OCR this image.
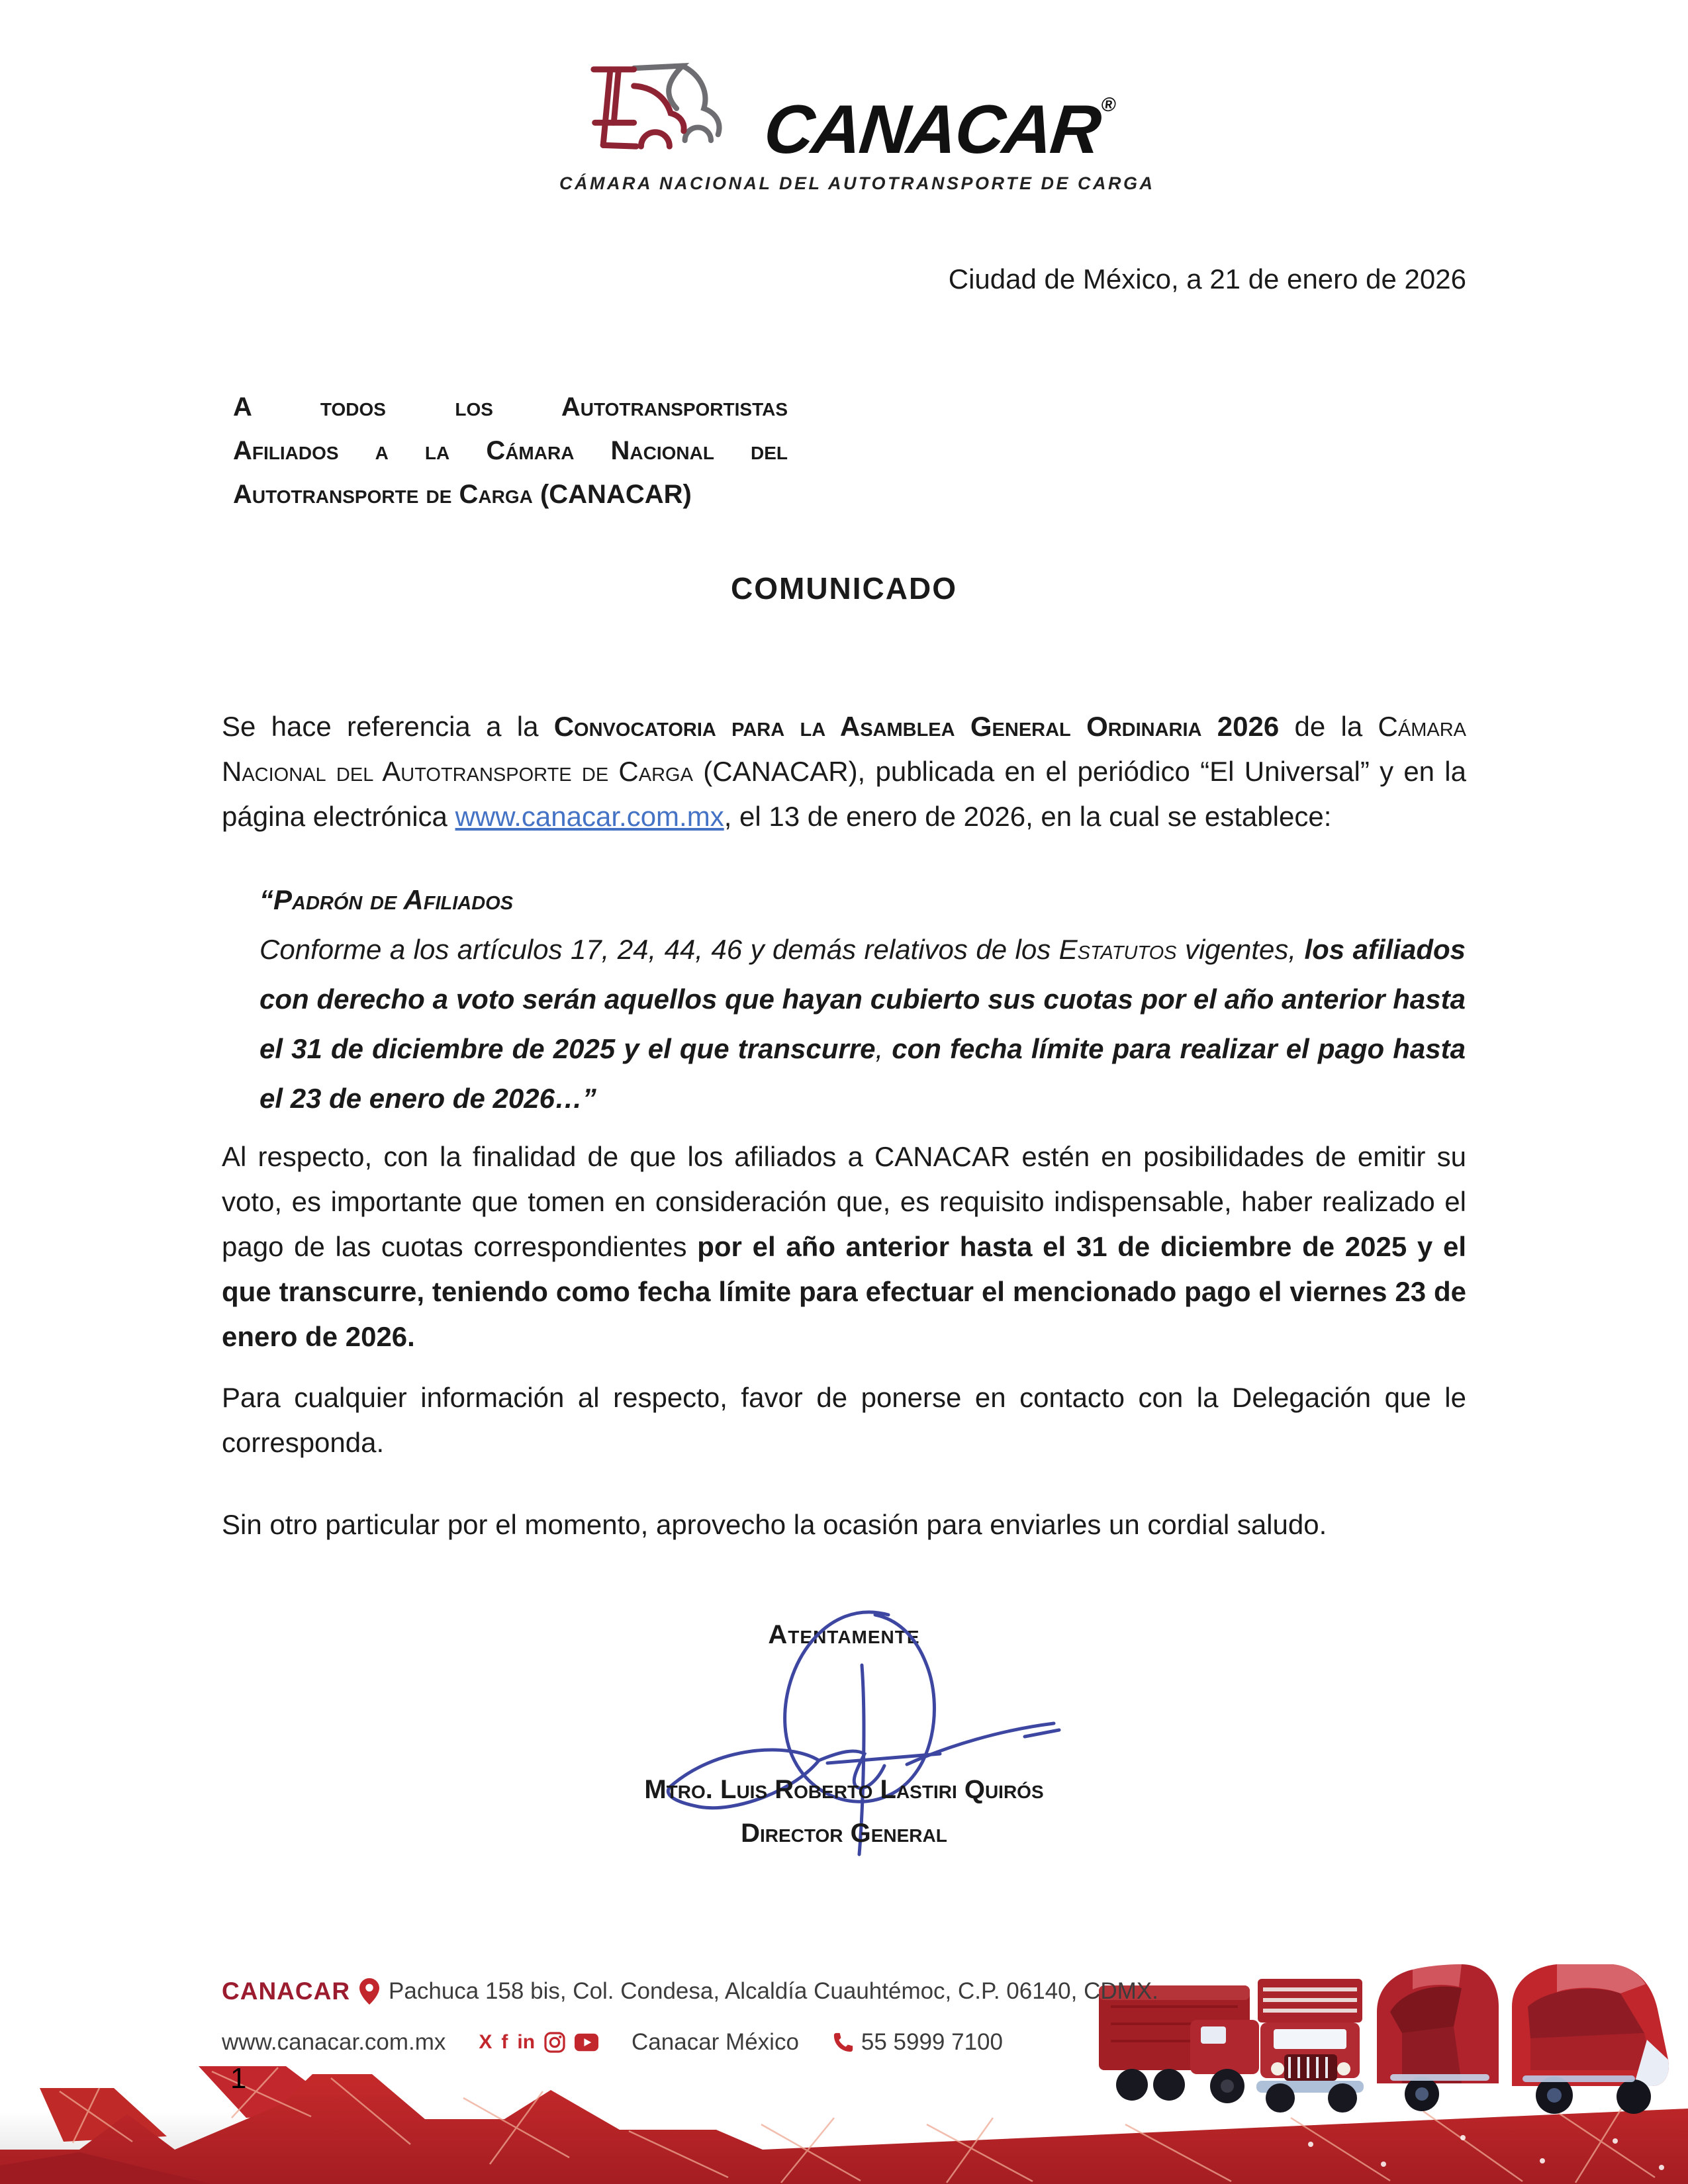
CANACAR®
CÁMARA NACIONAL DEL AUTOTRANSPORTE DE CARGA
Ciudad de México, a 21 de enero de 2026
A todos los Autotransportistas
Afiliados a la Cámara Nacional del
Autotransporte de Carga (CANACAR)
COMUNICADO

Se hace referencia a la Convocatoria para la Asamblea General Ordinaria 2026 de la Cámara Nacional del Autotransporte de Carga (CANACAR), publicada en el periódico “El Universal” y en la página electrónica www.canacar.com.mx, el 13 de enero de 2026, en la cual se establece:

“Padrón de Afiliados
Conforme a los artículos 17, 24, 44, 46 y demás relativos de los Estatutos vigentes, los afiliados con derecho a voto serán aquellos que hayan cubierto sus cuotas por el año anterior hasta el 31 de diciembre de 2025 y el que transcurre, con fecha límite para realizar el pago hasta el 23 de enero de 2026…”

Al respecto, con la finalidad de que los afiliados a CANACAR estén en posibilidades de emitir su voto, es importante que tomen en consideración que, es requisito indispensable, haber realizado el pago de las cuotas correspondientes por el año anterior hasta el 31 de diciembre de 2025 y el que transcurre, teniendo como fecha límite para efectuar el mencionado pago el viernes 23 de enero de 2026.

Para cualquier información al respecto, favor de ponerse en contacto con la Delegación que le corresponda.

Sin otro particular por el momento, aprovecho la ocasión para enviarles un cordial saludo.

Atentamente
Mtro. Luis Roberto Lastiri Quirós
Director General
CANACAR Pachuca 158 bis, Col. Condesa, Alcaldía Cuauhtémoc, C.P. 06140, CDMX.
www.canacar.com.mx X f in	Canacar México	55 5999 7100
1
